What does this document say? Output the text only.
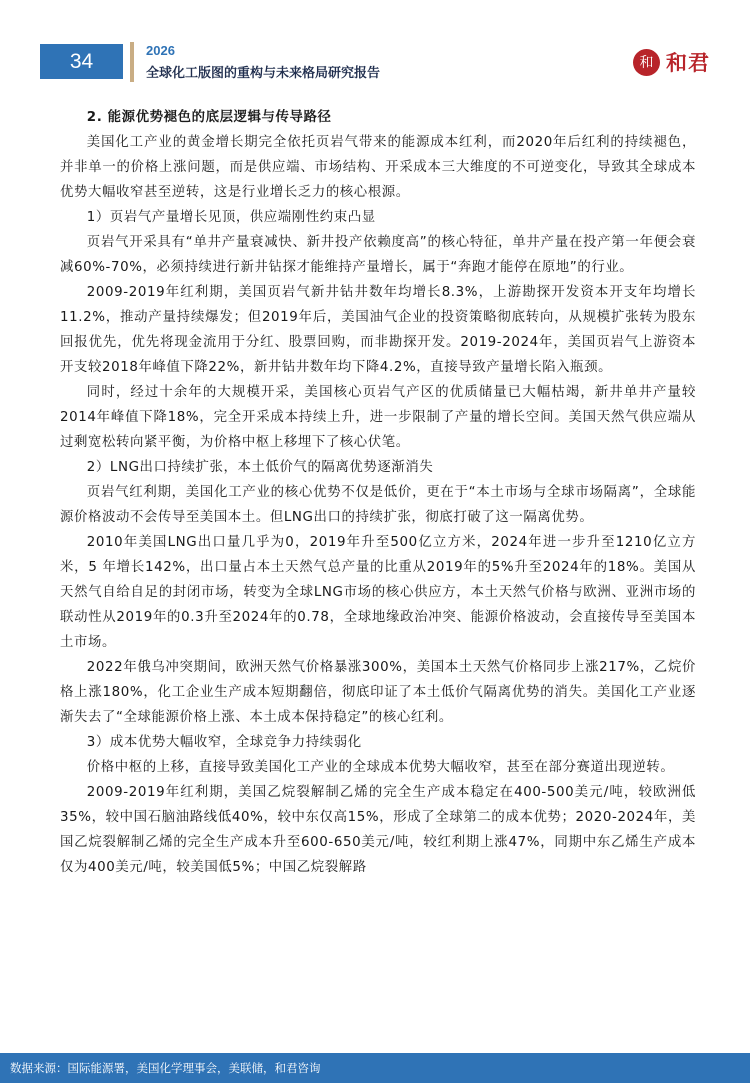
34	2026
全球化工版图的重构与未来格局研究报告
和 和君

2. 能源优势褪色的底层逻辑与传导路径

美国化工产业的黄金增长期完全依托页岩气带来的能源成本红利，而2020年后红利的持续褪色，并非单一的价格上涨问题，而是供应端、市场结构、开采成本三大维度的不可逆变化，导致其全球成本优势大幅收窄甚至逆转，这是行业增长乏力的核心根源。

1）页岩气产量增长见顶，供应端刚性约束凸显

页岩气开采具有“单井产量衰减快、新井投产依赖度高”的核心特征，单井产量在投产第一年便会衰减60%-70%，必须持续进行新井钻探才能维持产量增长，属于“奔跑才能停在原地”的行业。

2009-2019年红利期，美国页岩气新井钻井数年均增长8.3%，上游勘探开发资本开支年均增长11.2%，推动产量持续爆发；但2019年后，美国油气企业的投资策略彻底转向，从规模扩张转为股东回报优先，优先将现金流用于分红、股票回购，而非勘探开发。2019-2024年，美国页岩气上游资本开支较2018年峰值下降22%，新井钻井数年均下降4.2%，直接导致产量增长陷入瓶颈。

同时，经过十余年的大规模开采，美国核心页岩气产区的优质储量已大幅枯竭，新井单井产量较2014年峰值下降18%，完全开采成本持续上升，进一步限制了产量的增长空间。美国天然气供应端从过剩宽松转向紧平衡，为价格中枢上移埋下了核心伏笔。

2）LNG出口持续扩张，本土低价气的隔离优势逐渐消失

页岩气红利期，美国化工产业的核心优势不仅是低价，更在于“本土市场与全球市场隔离”，全球能源价格波动不会传导至美国本土。但LNG出口的持续扩张，彻底打破了这一隔离优势。

2010年美国LNG出口量几乎为0，2019年升至500亿立方米，2024年进一步升至1210亿立方米，5 年增长142%，出口量占本土天然气总产量的比重从2019年的5%升至2024年的18%。美国从天然气自给自足的封闭市场，转变为全球LNG市场的核心供应方，本土天然气价格与欧洲、亚洲市场的联动性从2019年的0.3升至2024年的0.78，全球地缘政治冲突、能源价格波动，会直接传导至美国本土市场。

2022年俄乌冲突期间，欧洲天然气价格暴涨300%，美国本土天然气价格同步上涨217%，乙烷价格上涨180%，化工企业生产成本短期翻倍，彻底印证了本土低价气隔离优势的消失。美国化工产业逐渐失去了“全球能源价格上涨、本土成本保持稳定”的核心红利。

3）成本优势大幅收窄，全球竞争力持续弱化

价格中枢的上移，直接导致美国化工产业的全球成本优势大幅收窄，甚至在部分赛道出现逆转。

2009-2019年红利期，美国乙烷裂解制乙烯的完全生产成本稳定在400-500美元/吨，较欧洲低35%，较中国石脑油路线低40%，较中东仅高15%，形成了全球第二的成本优势；2020-2024年，美国乙烷裂解制乙烯的完全生产成本升至600-650美元/吨，较红利期上涨47%，同期中东乙烯生产成本仅为400美元/吨，较美国低5%；中国乙烷裂解路

数据来源：国际能源署，美国化学理事会，美联储，和君咨询
